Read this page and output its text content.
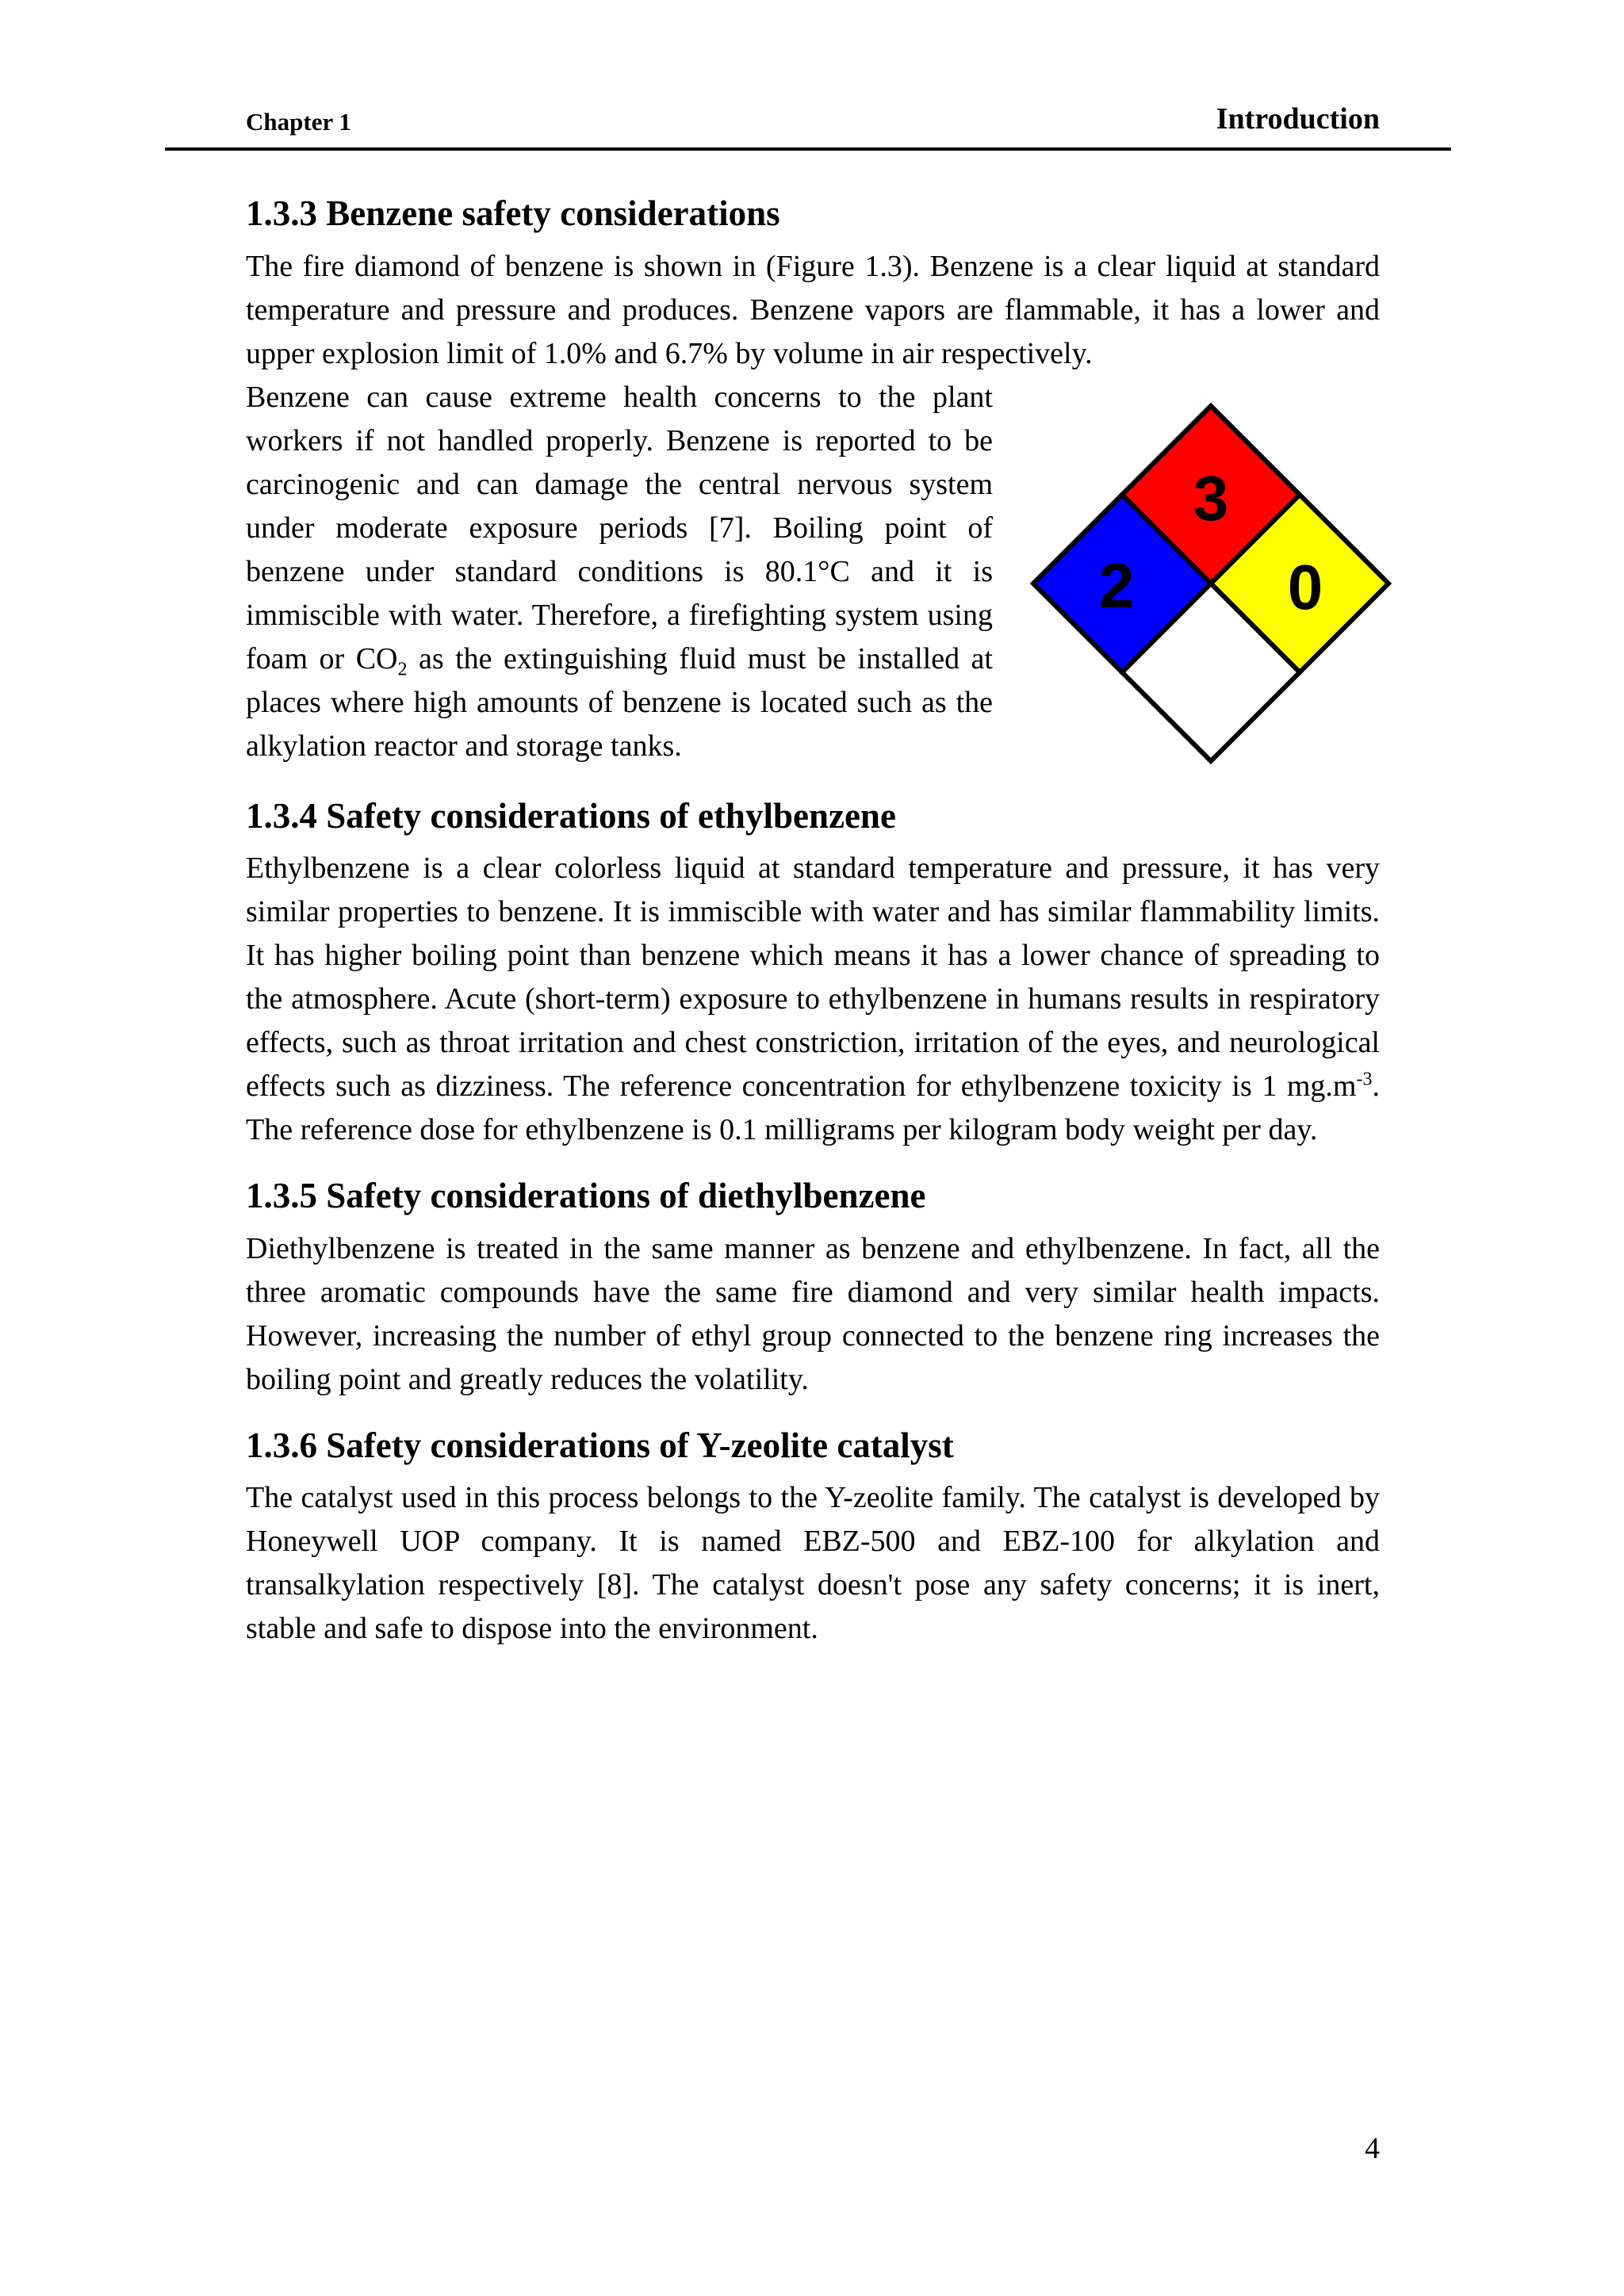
Chapter 1	Introduction
1.3.3 Benzene safety considerations

The fire diamond of benzene is shown in (Figure 1.3). Benzene is a clear liquid at standard temperature and pressure and produces. Benzene vapors are flammable, it has a lower and upper explosion limit of 1.0% and 6.7% by volume in air respectively.

Benzene can cause extreme health concerns to the plant workers if not handled properly. Benzene is reported to be carcinogenic and can damage the central nervous system under moderate exposure periods [7]. Boiling point of benzene under standard conditions is 80.1°C and it is immiscible with water. Therefore, a firefighting system using foam or $CO_2$ as the extinguishing fluid must be installed at places where high amounts of benzene is located such as the alkylation reactor and storage tanks.

3
2 0
1.3.4 Safety considerations of ethylbenzene

Ethylbenzene is a clear colorless liquid at standard temperature and pressure, it has very similar properties to benzene. It is immiscible with water and has similar flammability limits. It has higher boiling point than benzene which means it has a lower chance of spreading to the atmosphere. Acute (short-term) exposure to ethylbenzene in humans results in respiratory effects, such as throat irritation and chest constriction, irritation of the eyes, and neurological effects such as dizziness. The reference concentration for ethylbenzene toxicity is 1 $mg.m^{-3}$. The reference dose for ethylbenzene is 0.1 milligrams per kilogram body weight per day.

1.3.5 Safety considerations of diethylbenzene

Diethylbenzene is treated in the same manner as benzene and ethylbenzene. In fact, all the three aromatic compounds have the same fire diamond and very similar health impacts. However, increasing the number of ethyl group connected to the benzene ring increases the boiling point and greatly reduces the volatility.

1.3.6 Safety considerations of Y-zeolite catalyst

The catalyst used in this process belongs to the Y-zeolite family. The catalyst is developed by Honeywell UOP company. It is named EBZ-500 and EBZ-100 for alkylation and transalkylation respectively [8]. The catalyst doesn't pose any safety concerns; it is inert, stable and safe to dispose into the environment.

4
